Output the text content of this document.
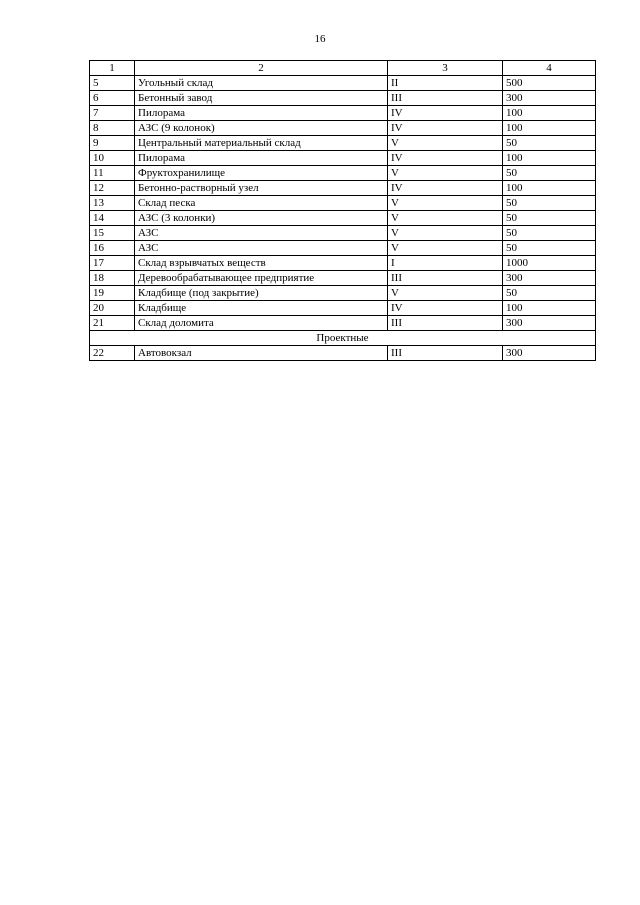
16
1	2	3	4
5	Угольный склад	II	500
6	Бетонный завод	III	300
7	Пилорама	IV	100
8	АЗС (9 колонок)	IV	100
9	Центральный материальный склад	V	50
10	Пилорама	IV	100
11	Фруктохранилище	V	50
12	Бетонно-растворный узел	IV	100
13	Склад песка	V	50
14	АЗС (3 колонки)	V	50
15	АЗС	V	50
16	АЗС	V	50
17	Склад взрывчатых веществ	I	1000
18	Деревообрабатывающее предприятие	III	300
19	Кладбище (под закрытие)	V	50
20	Кладбище	IV	100
21	Склад доломита	III	300
Проектные			
22	Автовокзал	III	300
